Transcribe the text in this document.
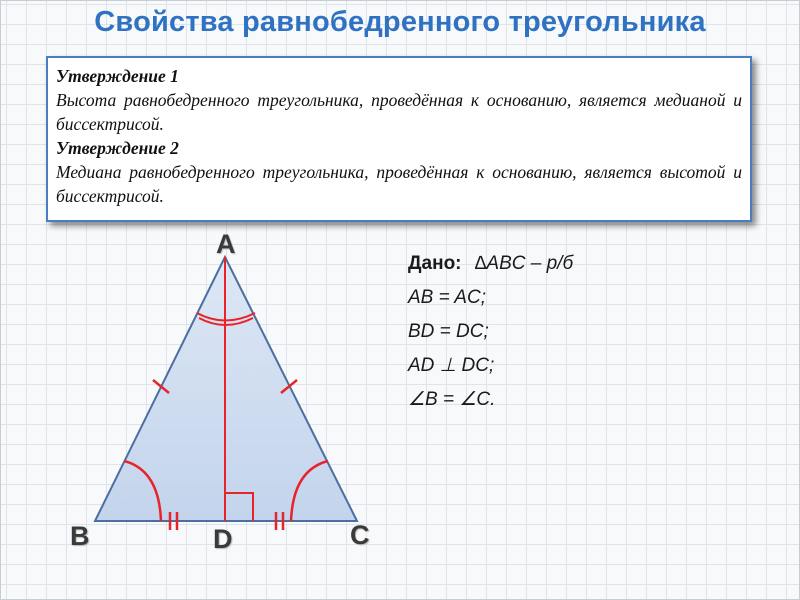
Свойства равнобедренного треугольника
Утверждение 1
Высота равнобедренного треугольника, проведённая к основанию, является медианой и биссектрисой.
Утверждение 2
Медиана равнобедренного треугольника, проведённая к основанию, является высотой и биссектрисой.
A
B	C
D
Дано: ∆ABC – р/б
AB = AC;
BD = DC;
AD ⊥ DC;
∠B = ∠C.
